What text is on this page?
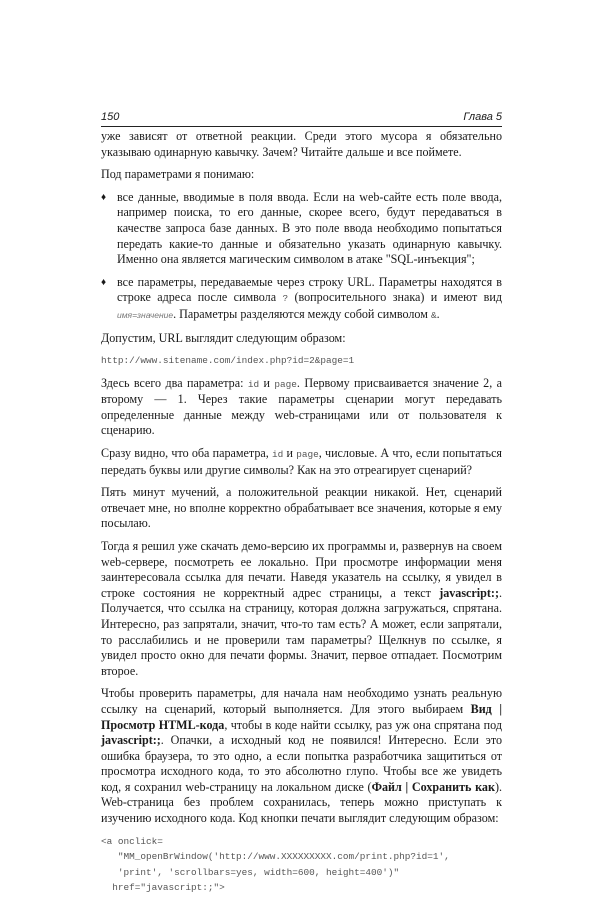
150	Глава 5
уже зависят от ответной реакции. Среди этого мусора я обязательно указываю одинарную кавычку. Зачем? Читайте дальше и все поймете.
Под параметрами я понимаю:
♦ все данные, вводимые в поля ввода. Если на web-сайте есть поле ввода, например поиска, то его данные, скорее всего, будут передаваться в качестве запроса базе данных. В это поле ввода необходимо попытаться передать какие-то данные и обязательно указать одинарную кавычку. Именно она является магическим символом в атаке "SQL-инъекция";
♦ все параметры, передаваемые через строку URL. Параметры находятся в строке адреса после символа ? (вопросительного знака) и имеют вид имя=значение. Параметры разделяются между собой символом &.
Допустим, URL выглядит следующим образом:
http://www.sitename.com/index.php?id=2&page=1
Здесь всего два параметра: id и page. Первому присваивается значение 2, а второму — 1. Через такие параметры сценарии могут передавать определенные данные между web-страницами или от пользователя к сценарию.
Сразу видно, что оба параметра, id и page, числовые. А что, если попытаться передать буквы или другие символы? Как на это отреагирует сценарий?
Пять минут мучений, а положительной реакции никакой. Нет, сценарий отвечает мне, но вполне корректно обрабатывает все значения, которые я ему посылаю.
Тогда я решил уже скачать демо-версию их программы и, развернув на своем web-сервере, посмотреть ее локально. При просмотре информации меня заинтересовала ссылка для печати. Наведя указатель на ссылку, я увидел в строке состояния не корректный адрес страницы, а текст javascript:;. Получается, что ссылка на страницу, которая должна загружаться, спрятана. Интересно, раз запрятали, значит, что-то там есть? А может, если запрятали, то расслабились и не проверили там параметры? Щелкнув по ссылке, я увидел просто окно для печати формы. Значит, первое отпадает. Посмотрим второе.
Чтобы проверить параметры, для начала нам необходимо узнать реальную ссылку на сценарий, который выполняется. Для этого выбираем Вид | Просмотр HTML-кода, чтобы в коде найти ссылку, раз уж она спрятана под javascript:;. Опачки, а исходный код не появился! Интересно. Если это ошибка браузера, то это одно, а если попытка разработчика защититься от просмотра исходного кода, то это абсолютно глупо. Чтобы все же увидеть код, я сохранил web-страницу на локальном диске (Файл | Сохранить как). Web-страница без проблем сохранилась, теперь можно приступать к изучению исходного кода. Код кнопки печати выглядит следующим образом:
<a onclick=
"MM_openBrWindow('http://www.XXXXXXXXX.com/print.php?id=1',
'print', 'scrollbars=yes, width=600, height=400')"
href="javascript:;">
